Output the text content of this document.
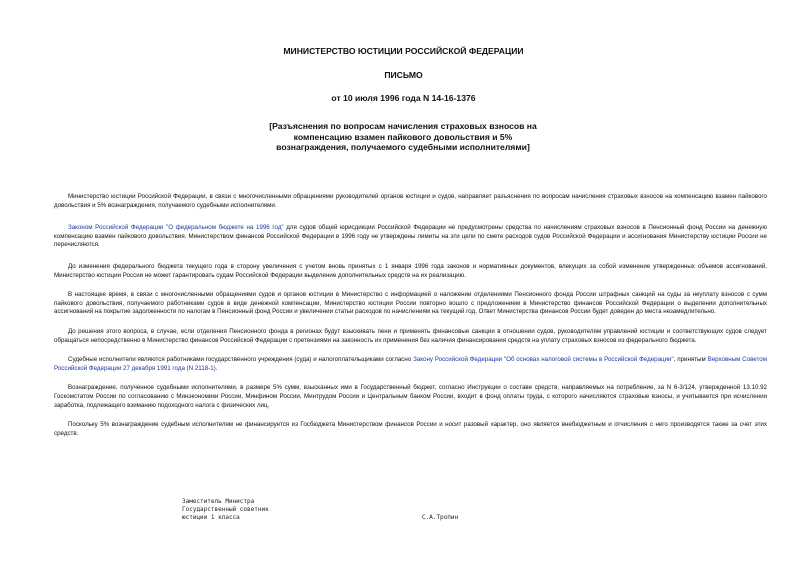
МИНИСТЕРСТВО ЮСТИЦИИ РОССИЙСКОЙ ФЕДЕРАЦИИ
ПИСЬМО
от 10 июля 1996 года N 14-16-1376
[Разъяснения по вопросам начисления страховых взносов на компенсацию взамен пайкового довольствия и 5% вознаграждения, получаемого судебными исполнителями]

Министерство юстиции Российской Федерации, в связи с многочисленными обращениями руководителей органов юстиции и судов, направляет разъяснения по вопросам начисления страховых взносов на компенсацию взамен пайкового довольствия и 5% вознаграждения, получаемого судебными исполнителями.

Законом Российской Федерации "О федеральном бюджете на 1996 год" для судов общей юрисдикции Российской Федерации не предусмотрены средства по начислениям страховых взносов в Пенсионный фонд России на денежную компенсацию взамен пайкового довольствия. Министерством финансов Российской Федерации в 1996 году не утверждены лимиты на эти цели по смете расходов судов Российской Федерации и ассигнования Министерству юстиции России не перечисляются.

До изменения федерального бюджета текущего года в сторону увеличения с учетом вновь принятых с 1 января 1996 года законов и нормативных документов, влекущих за собой изменение утвержденных объемов ассигнований, Министерство юстиции России не может гарантировать судам Российской Федерации выделение дополнительных средств на их реализацию.

В настоящее время, в связи с многочисленными обращениями судов и органов юстиции в Министерство с информацией о наложении отделениями Пенсионного фонда России штрафных санкций на суды за неуплату взносов с сумм пайкового довольствия, получаемого работниками судов в виде денежной компенсации, Министерство юстиции России повторно вошло с предложением в Министерство финансов Российской Федерации о выделении дополнительных ассигнований на покрытие задолженности по налогам в Пенсионный фонд России и увеличении статьи расходов по начислениям на текущий год. Ответ Министерства финансов России будет доведен до места незамедлительно.

До решения этого вопроса, в случае, если отделения Пенсионного фонда в регионах будут взыскивать пени и применять финансовые санкции в отношении судов, руководителям управлений юстиции и соответствующих судов следует обращаться непосредственно в Министерство финансов Российской Федерации с претензиями на законность их применения без наличия финансирования средств на уплату страховых взносов из федерального бюджета.

Судебные исполнители являются работниками государственного учреждения (суда) и налогоплательщиками согласно Закону Российской Федерации "Об основах налоговой системы в Российской Федерации", принятым Верховным Советом Российской Федерации 27 декабря 1991 года (N 2118-1).

Вознаграждение, полученное судебными исполнителями, в размере 5% сумм, взысканных ими в Государственный бюджет, согласно Инструкции о составе средств, направляемых на потребление, за N 6-3/124, утвержденной 13.10.92 Госкомстатом России по согласованию с Минэкономики России, Минфином России, Минтрудом России и Центральным банком России, входит в фонд оплаты труда, с которого начисляются страховые взносы, и учитывается при исчислении заработка, подлежащего взиманию подоходного налога с физических лиц.

Поскольку 5% вознаграждение судебным исполнителям не финансируется из Госбюджета Министерством финансов России и носит разовый характер, оно является внебюджетным и отчисления с него производятся также за счет этих средств.

Заместитель Министра
Государственный советник
юстиции 1 класса	С.А.Тропин
